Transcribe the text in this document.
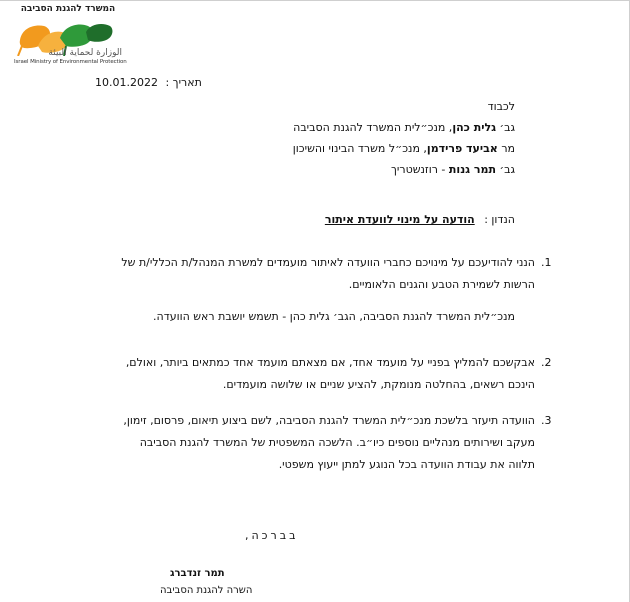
המשרד להגנת הסביבה
الوزارة لحماية البيئة
Israel Ministry of Environmental Protection
תאריך : 10.01.2022
לכבוד
גב׳ גלית כהן, מנכ״לית המשרד להגנת הסביבה
מר אביעד פרידמן, מנכ״ל משרד הבינוי והשיכון
גב׳ תמר גנות - רוזנשטריך
הנדון : הודעה על מינוי לוועדת איתור
1.
הנני להודיעכם על מינויכם כחברי הוועדה לאיתור מועמדים למשרת המנהל/ת הכללי/ת של הרשות לשמירת הטבע והגנים הלאומיים.
מנכ״לית המשרד להגנת הסביבה, הגב׳ גלית כהן - תשמש יושבת ראש הוועדה.
2.
אבקשכם להמליץ בפניי על מועמד אחד, אם מצאתם מועמד אחד כמתאים ביותר, ואולם, הינכם רשאים, בהחלטה מנומקת, להציע שניים או שלושה מועמדים.
3.
הוועדה תיעזר בלשכת מנכ״לית המשרד להגנת הסביבה, לשם ביצוע תיאום, פרסום, זימון, מעקב ושירותים מנהליים נוספים כיו״ב. הלשכה המשפטית של המשרד להגנת הסביבה תלווה את עבודת הוועדה בכל הנוגע למתן ייעוץ משפטי.
בברכה,
תמר זנדברג
השרה להגנת הסביבה
